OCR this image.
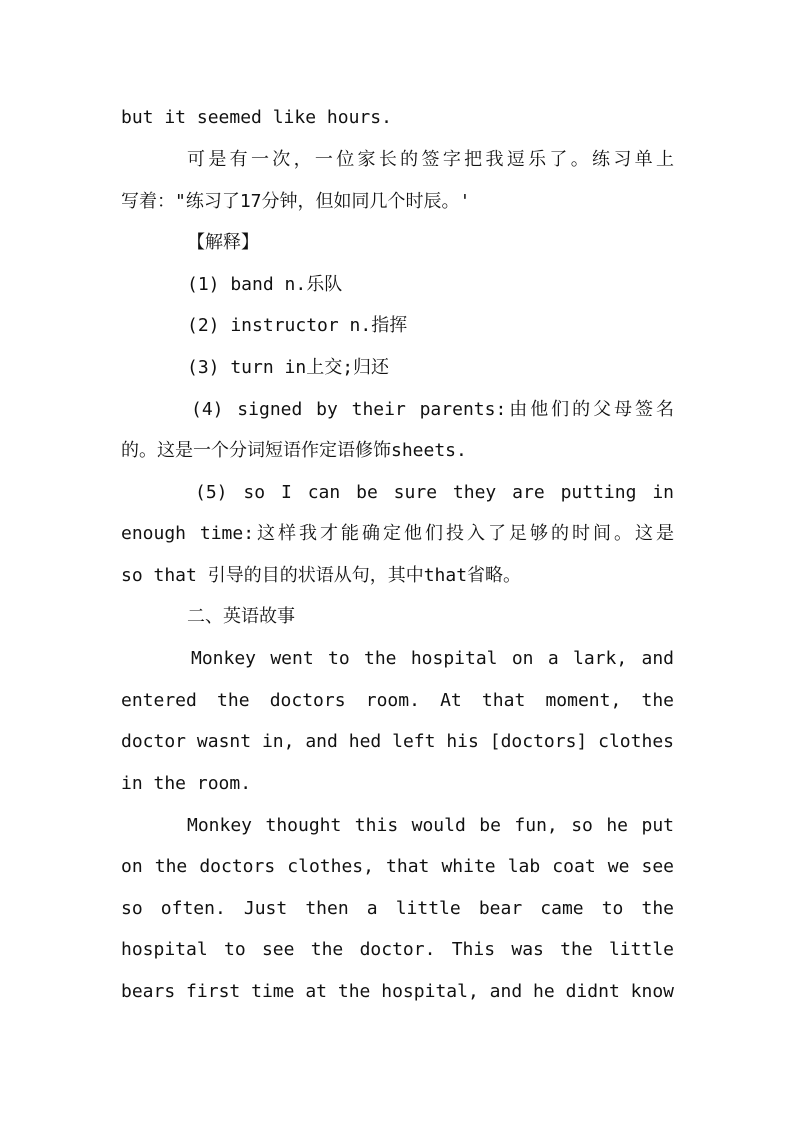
but it seemed like hours.
可是有一次，一位家长的签字把我逗乐了。练习单上
写着："练习了17分钟，但如同几个时辰。'
【解释】
(1) band n.乐队
(2) instructor n.指挥
(3) turn in上交;归还
(4) signed by their parents:由他们的父母签名
的。这是一个分词短语作定语修饰sheets.
(5) so I can be sure they are putting in
enough time:这样我才能确定他们投入了足够的时间。这是
so that 引导的目的状语从句，其中that省略。
二、英语故事
Monkey went to the hospital on a lark, and
entered the doctors room. At that moment, the
doctor wasnt in, and hed left his [doctors] clothes
in the room.
Monkey thought this would be fun, so he put
on the doctors clothes, that white lab coat we see
so often. Just then a little bear came to the
hospital to see the doctor. This was the little
bears first time at the hospital, and he didnt know
